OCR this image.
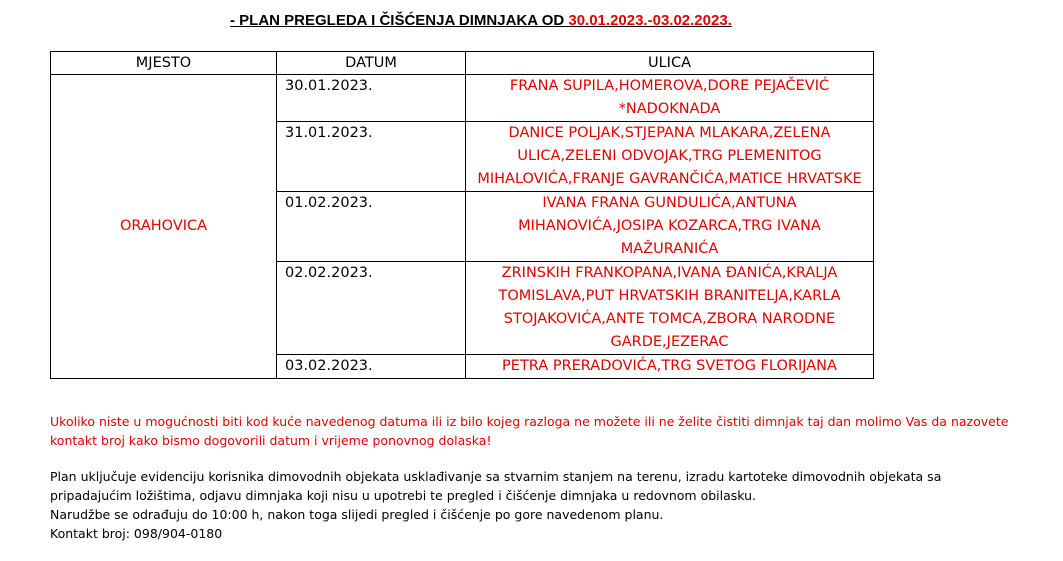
- PLAN PREGLEDA I ČIŠĆENJA DIMNJAKA OD 30.01.2023.-03.02.2023.
MJESTO	DATUM	ULICA
ORAHOVICA	30.01.2023.	FRANA SUPILA,HOMEROVA,DORE PEJAČEVIĆ *NADOKNADA
	31.01.2023.	DANICE POLJAK,STJEPANA MLAKARA,ZELENA ULICA,ZELENI ODVOJAK,TRG PLEMENITOG MIHALOVIĆA,FRANJE GAVRANČIĆA,MATICE HRVATSKE
	01.02.2023.	IVANA FRANA GUNDULIĆA,ANTUNA MIHANOVIĆA,JOSIPA KOZARCA,TRG IVANA MAŽURANIĆA
	02.02.2023.	ZRINSKIH FRANKOPANA,IVANA ĐANIĆA,KRALJA TOMISLAVA,PUT HRVATSKIH BRANITELJA,KARLA STOJAKOVIĆA,ANTE TOMCA,ZBORA NARODNE GARDE,JEZERAC
	03.02.2023.	PETRA PRERADOVIĆA,TRG SVETOG FLORIJANA
Ukoliko niste u mogućnosti biti kod kuće navedenog datuma ili iz bilo kojeg razloga ne možete ili ne želite čistiti dimnjak taj dan molimo Vas da nazovete kontakt broj kako bismo dogovorili datum i vrijeme ponovnog dolaska!

Plan uključuje evidenciju korisnika dimovodnih objekata usklađivanje sa stvarnim stanjem na terenu, izradu kartoteke dimovodnih objekata sa pripadajućim ložištima, odjavu dimnjaka koji nisu u upotrebi te pregled i čišćenje dimnjaka u redovnom obilasku.

Narudžbe se odrađuju do 10:00 h, nakon toga slijedi pregled i čišćenje po gore navedenom planu.

Kontakt broj: 098/904-0180
